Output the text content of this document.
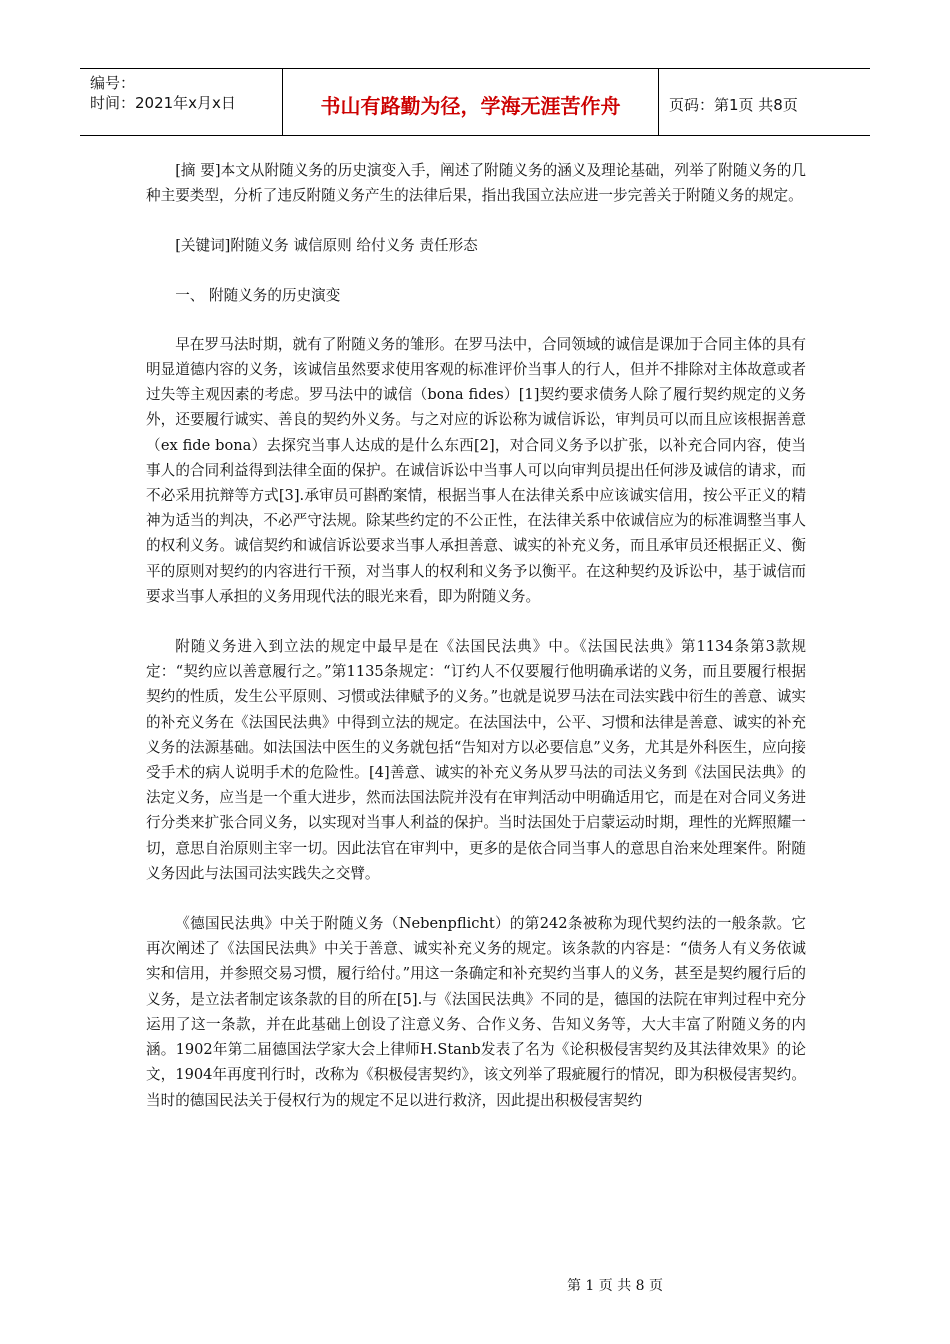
编号：
时间：2021年x月x日	书山有路勤为径，学海无涯苦作舟	页码：第1页 共8页

[摘 要]本文从附随义务的历史演变入手，阐述了附随义务的涵义及理论基础，列举了附随义务的几种主要类型，分析了违反附随义务产生的法律后果，指出我国立法应进一步完善关于附随义务的规定。

[关键词]附随义务 诚信原则 给付义务 责任形态

一、 附随义务的历史演变

早在罗马法时期，就有了附随义务的雏形。在罗马法中，合同领域的诚信是课加于合同主体的具有明显道德内容的义务，该诚信虽然要求使用客观的标准评价当事人的行人，但并不排除对主体故意或者过失等主观因素的考虑。罗马法中的诚信（bona fides）[1]契约要求债务人除了履行契约规定的义务外，还要履行诚实、善良的契约外义务。与之对应的诉讼称为诚信诉讼，审判员可以而且应该根据善意（ex fide bona）去探究当事人达成的是什么东西[2]，对合同义务予以扩张，以补充合同内容，使当事人的合同利益得到法律全面的保护。在诚信诉讼中当事人可以向审判员提出任何涉及诚信的请求，而不必采用抗辩等方式[3].承审员可斟酌案情，根据当事人在法律关系中应该诚实信用，按公平正义的精神为适当的判决，不必严守法规。除某些约定的不公正性，在法律关系中依诚信应为的标准调整当事人的权利义务。诚信契约和诚信诉讼要求当事人承担善意、诚实的补充义务，而且承审员还根据正义、衡平的原则对契约的内容进行干预，对当事人的权利和义务予以衡平。在这种契约及诉讼中，基于诚信而要求当事人承担的义务用现代法的眼光来看，即为附随义务。

附随义务进入到立法的规定中最早是在《法国民法典》中。《法国民法典》第1134条第3款规定：“契约应以善意履行之。”第1135条规定：“订约人不仅要履行他明确承诺的义务，而且要履行根据契约的性质，发生公平原则、习惯或法律赋予的义务。”也就是说罗马法在司法实践中衍生的善意、诚实的补充义务在《法国民法典》中得到立法的规定。在法国法中，公平、习惯和法律是善意、诚实的补充义务的法源基础。如法国法中医生的义务就包括“告知对方以必要信息”义务，尤其是外科医生，应向接受手术的病人说明手术的危险性。[4]善意、诚实的补充义务从罗马法的司法义务到《法国民法典》的法定义务，应当是一个重大进步，然而法国法院并没有在审判活动中明确适用它，而是在对合同义务进行分类来扩张合同义务，以实现对当事人利益的保护。当时法国处于启蒙运动时期，理性的光辉照耀一切，意思自治原则主宰一切。因此法官在审判中，更多的是依合同当事人的意思自治来处理案件。附随义务因此与法国司法实践失之交臂。

《德国民法典》中关于附随义务（Nebenpflicht）的第242条被称为现代契约法的一般条款。它再次阐述了《法国民法典》中关于善意、诚实补充义务的规定。该条款的内容是：“债务人有义务依诚实和信用，并参照交易习惯，履行给付。”用这一条确定和补充契约当事人的义务，甚至是契约履行后的义务，是立法者制定该条款的目的所在[5].与《法国民法典》不同的是，德国的法院在审判过程中充分运用了这一条款，并在此基础上创设了注意义务、合作义务、告知义务等，大大丰富了附随义务的内涵。1902年第二届德国法学家大会上律师H.Stanb发表了名为《论积极侵害契约及其法律效果》的论文，1904年再度刊行时，改称为《积极侵害契约》，该文列举了瑕疵履行的情况，即为积极侵害契约。当时的德国民法关于侵权行为的规定不足以进行救济，因此提出积极侵害契约

第 1 页 共 8 页
